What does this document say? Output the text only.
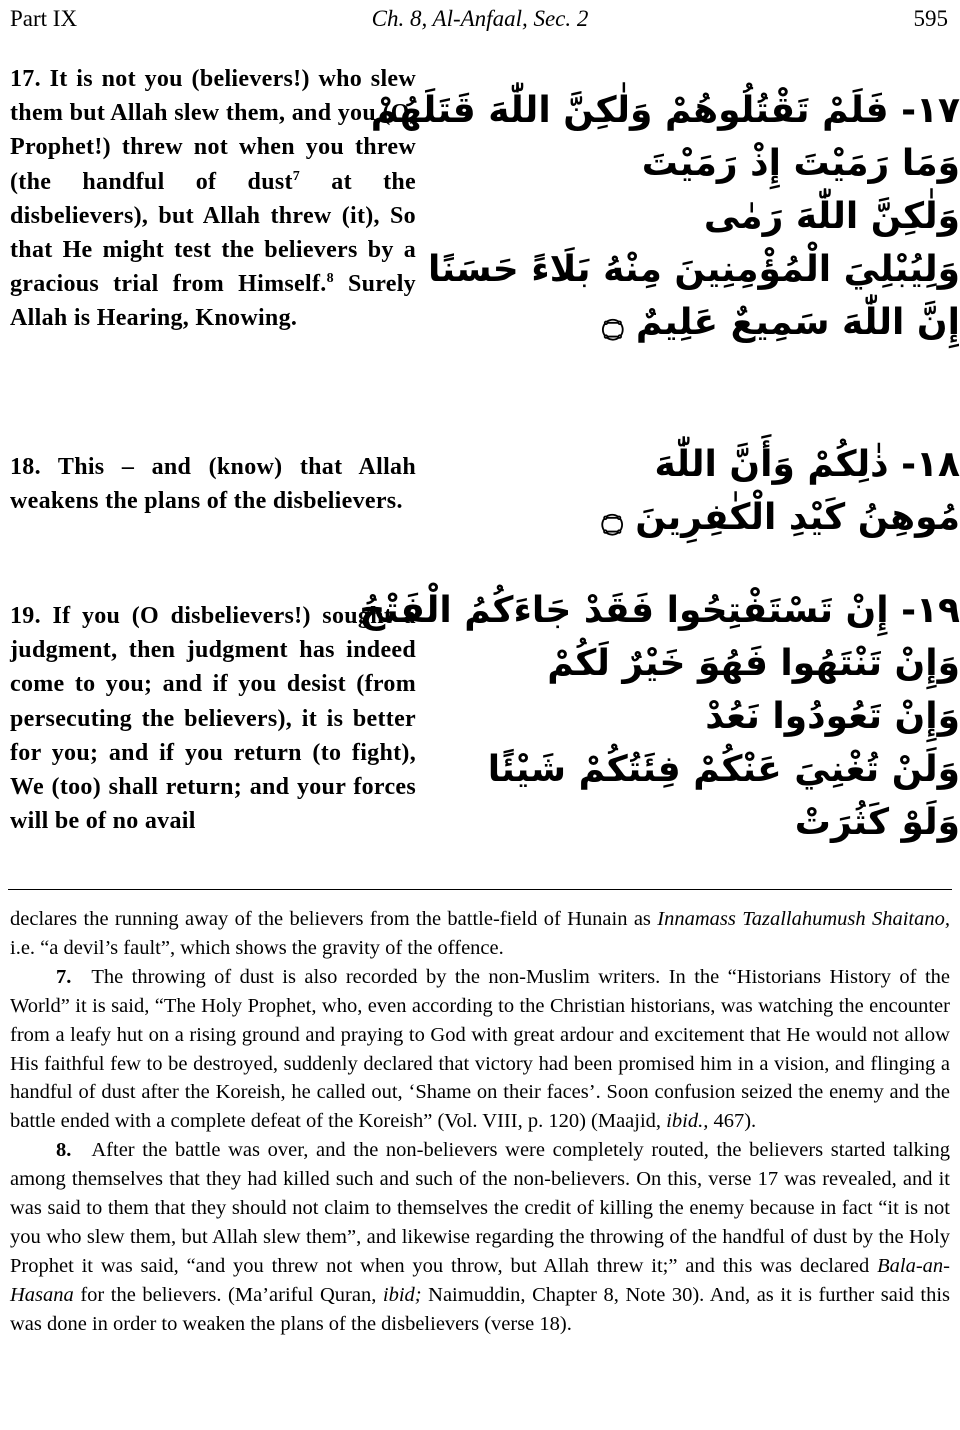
Part IX	Ch. 8, Al-Anfaal, Sec. 2	595
17. It is not you (believers!) who slew them but Allah slew them, and you (O, Prophet!) threw not when you threw (the handful of dust$^7$ at the disbelievers), but Allah threw (it), So that He might test the believers by a gracious trial from Himself.$^8$ Surely Allah is Hearing, Knowing.
١٧- فَلَمْ تَقْتُلُوهُمْ وَلٰكِنَّ اللّٰهَ قَتَلَهُمْ
وَمَا رَمَيْتَ إِذْ رَمَيْتَ
وَلٰكِنَّ اللّٰهَ رَمٰى
وَلِيُبْلِيَ الْمُؤْمِنِينَ مِنْهُ بَلَاءً حَسَنًا
إِنَّ اللّٰهَ سَمِيعٌ عَلِيمٌ ۝
18. This – and (know) that Allah weakens the plans of the disbelievers.
١٨- ذٰلِكُمْ وَأَنَّ اللّٰهَ
مُوهِنُ كَيْدِ الْكٰفِرِينَ ۝
19. If you (O disbelievers!) sought a judgment, then judgment has indeed come to you; and if you desist (from persecuting the believers), it is better for you; and if you return (to fight), We (too) shall return; and your forces will be of no avail
١٩- إِنْ تَسْتَفْتِحُوا فَقَدْ جَاءَكُمُ الْفَتْحُ
وَإِنْ تَنْتَهُوا فَهُوَ خَيْرٌ لَكُمْ
وَإِنْ تَعُودُوا نَعُدْ
وَلَنْ تُغْنِيَ عَنْكُمْ فِئَتُكُمْ شَيْئًا
وَلَوْ كَثُرَتْ

declares the running away of the believers from the battle-field of Hunain as Innamass Tazallahumush Shaitano, i.e. “a devil’s fault”, which shows the gravity of the offence.

7. The throwing of dust is also recorded by the non-Muslim writers. In the “Historians History of the World” it is said, “The Holy Prophet, who, even according to the Christian historians, was watching the encounter from a leafy hut on a rising ground and praying to God with great ardour and excitement that He would not allow His faithful few to be destroyed, suddenly declared that victory had been promised him in a vision, and flinging a handful of dust after the Koreish, he called out, ‘Shame on their faces’. Soon confusion seized the enemy and the battle ended with a complete defeat of the Koreish” (Vol. VIII, p. 120) (Maajid, ibid., 467).

8. After the battle was over, and the non-believers were completely routed, the believers started talking among themselves that they had killed such and such of the non-believers. On this, verse 17 was revealed, and it was said to them that they should not claim to themselves the credit of killing the enemy because in fact “it is not you who slew them, but Allah slew them”, and likewise regarding the throwing of the handful of dust by the Holy Prophet it was said, “and you threw not when you throw, but Allah threw it;” and this was declared Bala-an-Hasana for the believers. (Ma’ariful Quran, ibid; Naimuddin, Chapter 8, Note 30). And, as it is further said this was done in order to weaken the plans of the disbelievers (verse 18).
